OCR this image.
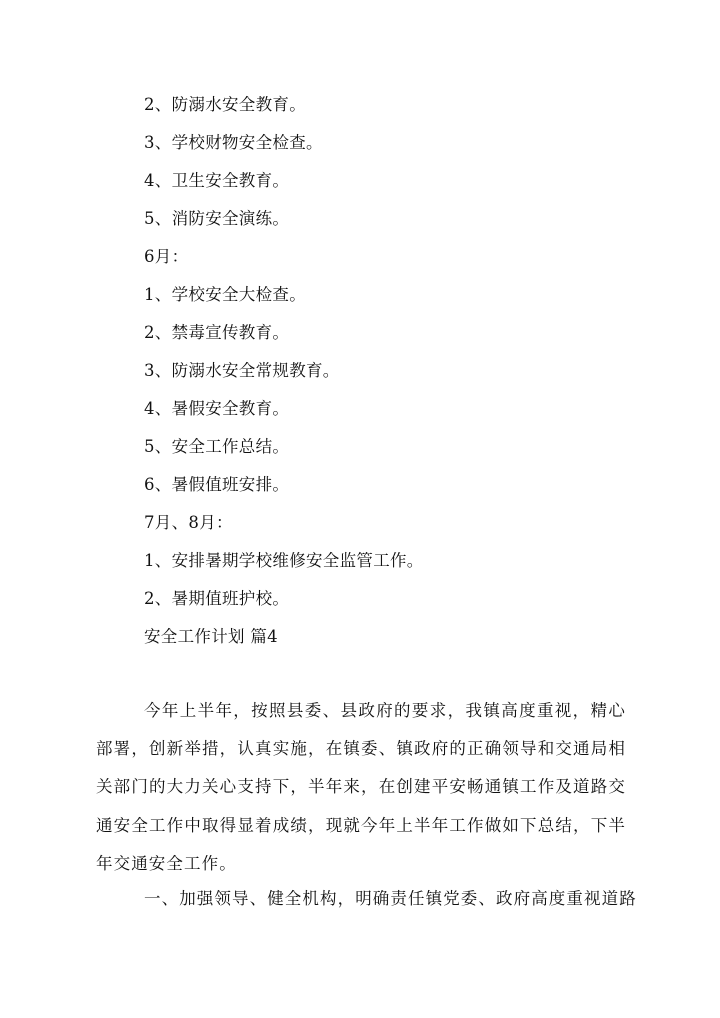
2、防溺水安全教育。
3、学校财物安全检查。
4、卫生安全教育。
5、消防安全演练。
6月：
1、学校安全大检查。
2、禁毒宣传教育。
3、防溺水安全常规教育。
4、暑假安全教育。
5、安全工作总结。
6、暑假值班安排。
7月、8月：
1、安排暑期学校维修安全监管工作。
2、暑期值班护校。
安全工作计划 篇4
今年上半年，按照县委、县政府的要求，我镇高度重视，精心部署，创新举措，认真实施，在镇委、镇政府的正确领导和交通局相关部门的大力关心支持下，半年来，在创建平安畅通镇工作及道路交通安全工作中取得显着成绩，现就今年上半年工作做如下总结，下半年交通安全工作。
一、加强领导、健全机构，明确责任镇党委、政府高度重视道路
